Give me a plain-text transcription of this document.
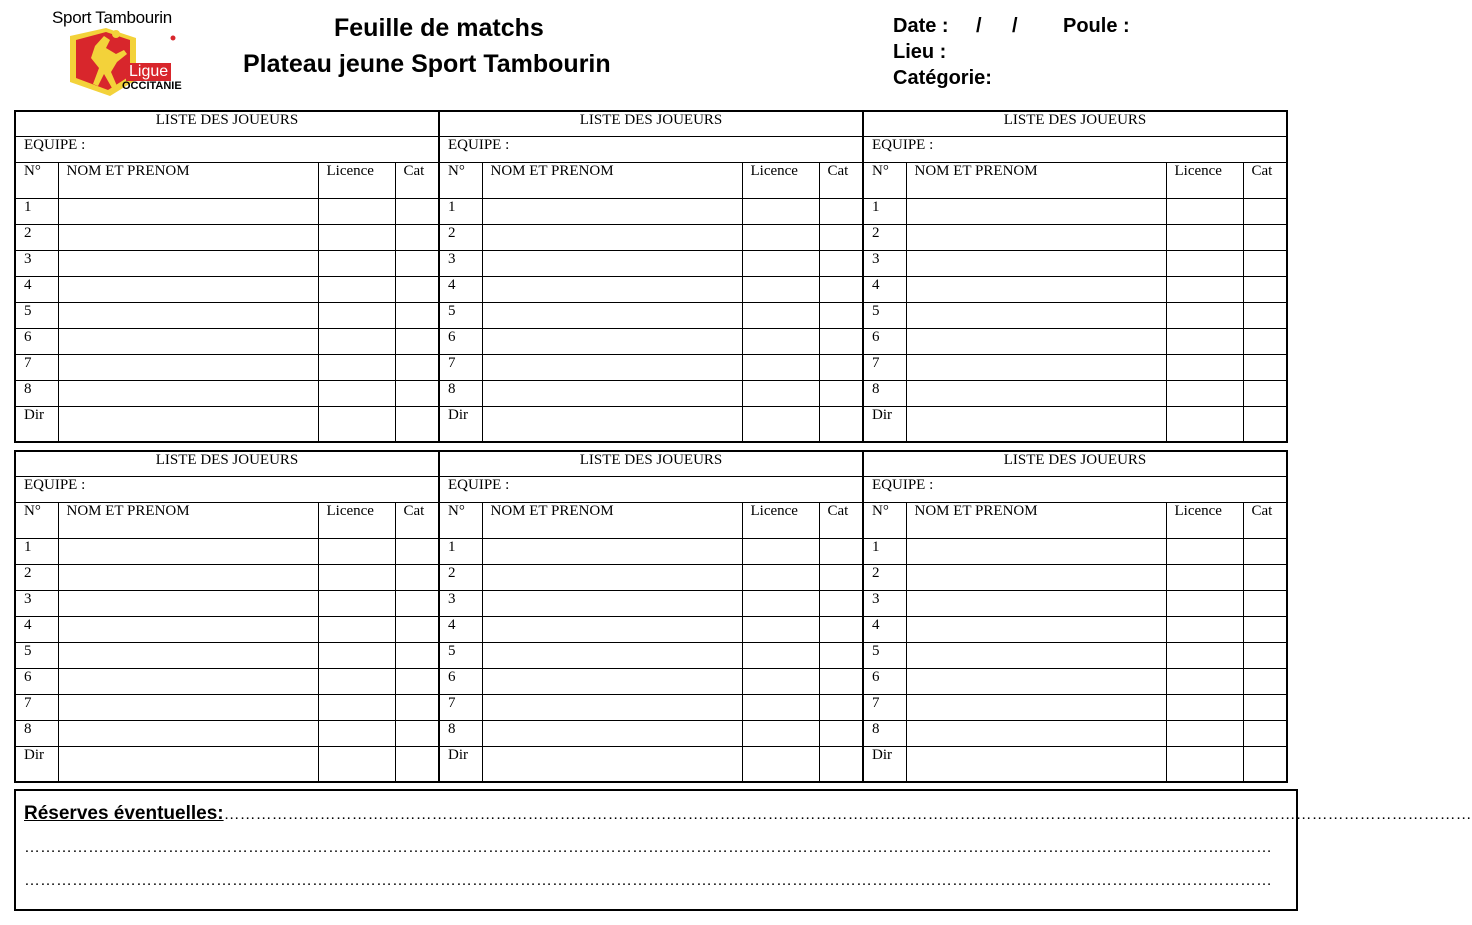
Sport Tambourin
Ligue
OCCITANIE
Feuille de matchs
Plateau jeune Sport Tambourin
Date : / / Poule :
Lieu :
Catégorie:
LISTE DES JOUEURS			
EQUIPE :			
N°	NOM ET PRENOM	Licence	Cat
1			
2			
3			
4			
5			
6			
7			
8			
Dir			
LISTE DES JOUEURS			
EQUIPE :			
N°	NOM ET PRENOM	Licence	Cat
1			
2			
3			
4			
5			
6			
7			
8			
Dir			
LISTE DES JOUEURS			
EQUIPE :			
N°	NOM ET PRENOM	Licence	Cat
1			
2			
3			
4			
5			
6			
7			
8			
Dir			
LISTE DES JOUEURS			
EQUIPE :			
N°	NOM ET PRENOM	Licence	Cat
1			
2			
3			
4			
5			
6			
7			
8			
Dir			
LISTE DES JOUEURS			
EQUIPE :			
N°	NOM ET PRENOM	Licence	Cat
1			
2			
3			
4			
5			
6			
7			
8			
Dir			
LISTE DES JOUEURS			
EQUIPE :			
N°	NOM ET PRENOM	Licence	Cat
1			
2			
3			
4			
5			
6			
7			
8			
Dir			
Réserves éventuelles:………………………………………………………………………………………………………………………………………………………………………………………………………………
………………………………………………………………………………………………………………………………………………………………………………………………………………
………………………………………………………………………………………………………………………………………………………………………………………………………………
